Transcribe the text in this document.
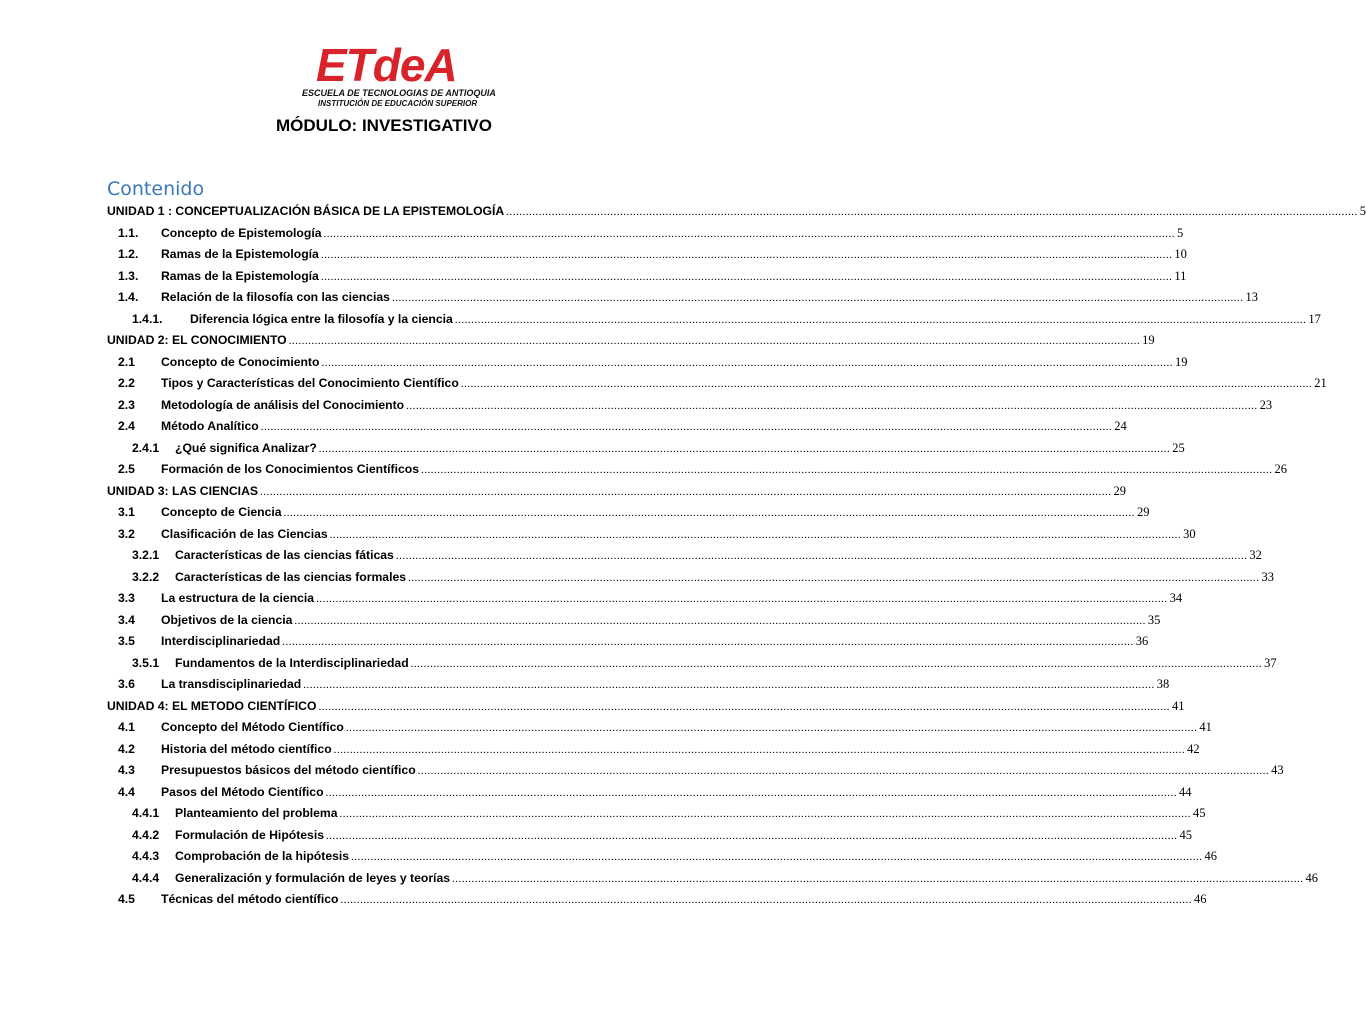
ETdeA
ESCUELA DE TECNOLOGIAS DE ANTIOQUIA
INSTITUCIÓN DE EDUCACIÓN SUPERIOR
MÓDULO: INVESTIGATIVO
Contenido
UNIDAD 1 : CONCEPTUALIZACIÓN BÁSICA DE LA EPISTEMOLOGÍA .....	5
1.1.	Concepto de Epistemología .....	5
1.2.	Ramas de la Epistemología .....	10
1.3.	Ramas de la Epistemología .....	11
1.4.	Relación de la filosofía con las ciencias .....	13
1.4.1.	Diferencia lógica entre la filosofía y la ciencia .....	17
UNIDAD 2: EL CONOCIMIENTO .....	19
2.1	Concepto de Conocimiento .....	19
2.2	Tipos y Características del Conocimiento Científico .....	21
2.3	Metodología de análisis del Conocimiento .....	23
2.4	Método Analítico .....	24
2.4.1	¿Qué significa Analizar? .....	25
2.5	Formación de los Conocimientos Científicos .....	26
UNIDAD 3: LAS CIENCIAS .....	29
3.1	Concepto de Ciencia .....	29
3.2	Clasificación de las Ciencias .....	30
3.2.1	Características de las ciencias fáticas .....	32
3.2.2	Características de las ciencias formales .....	33
3.3	La estructura de la ciencia .....	34
3.4	Objetivos de la ciencia .....	35
3.5	Interdisciplinariedad .....	36
3.5.1	Fundamentos de la Interdisciplinariedad .....	37
3.6	La transdisciplinariedad .....	38
UNIDAD 4: EL METODO CIENTÍFICO .....	41
4.1	Concepto del Método Científico .....	41
4.2	Historia del método científico .....	42
4.3	Presupuestos básicos del método científico .....	43
4.4	Pasos del Método Científico .....	44
4.4.1	Planteamiento del problema .....	45
4.4.2	Formulación de Hipótesis .....	45
4.4.3	Comprobación de la hipótesis .....	46
4.4.4	Generalización y formulación de leyes y teorías .....	46
4.5	Técnicas del método científico .....	46
